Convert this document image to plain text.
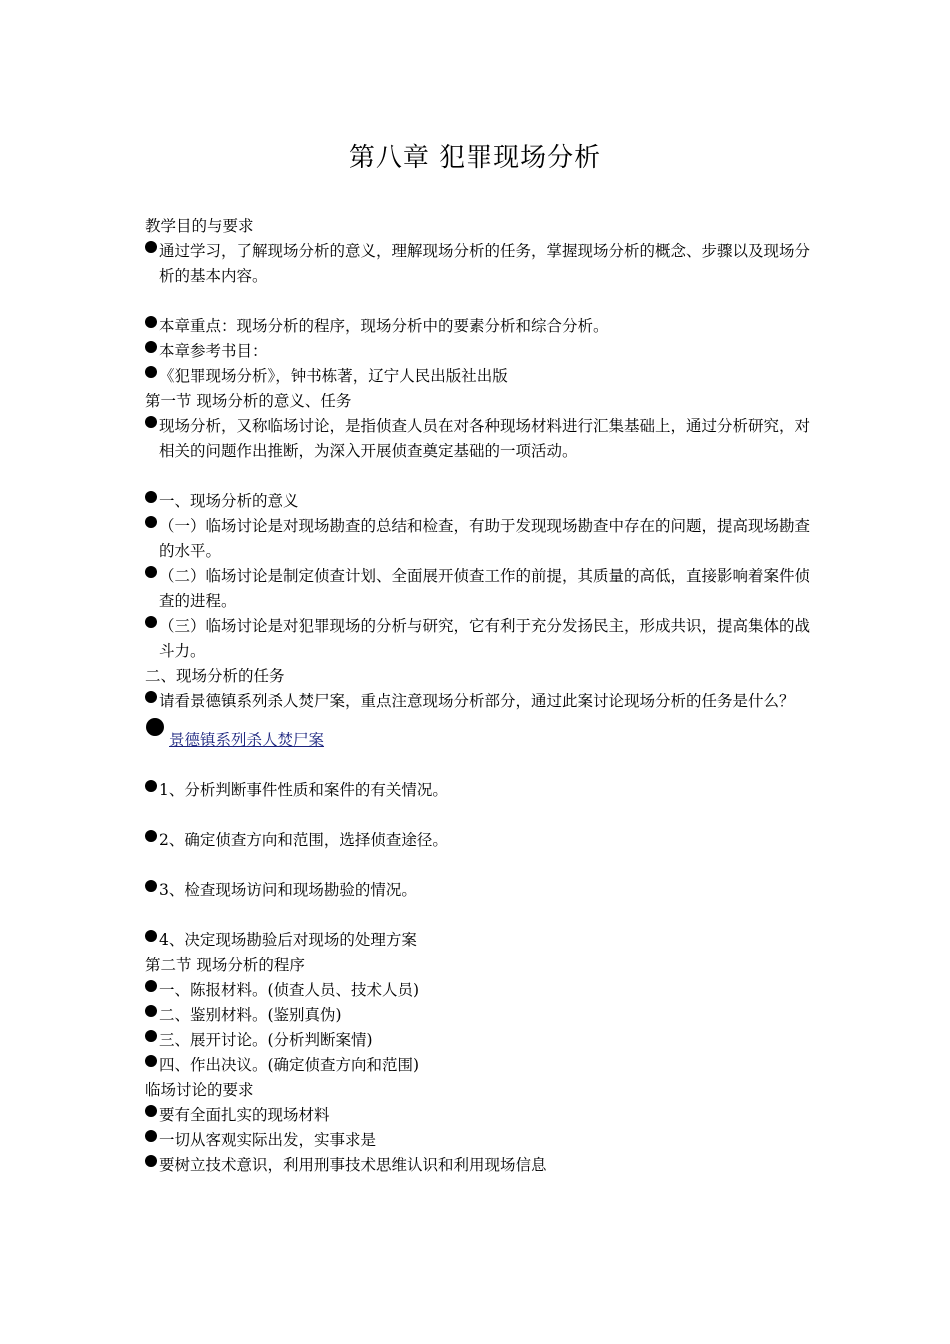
第八章 犯罪现场分析
教学目的与要求
通过学习，了解现场分析的意义，理解现场分析的任务，掌握现场分析的概念、步骤以及现场分析的基本内容。
本章重点：现场分析的程序，现场分析中的要素分析和综合分析。
本章参考书目：
《犯罪现场分析》，钟书栋著，辽宁人民出版社出版
第一节 现场分析的意义、任务
现场分析，又称临场讨论，是指侦查人员在对各种现场材料进行汇集基础上，通过分析研究，对相关的问题作出推断，为深入开展侦查奠定基础的一项活动。
一、现场分析的意义
（一）临场讨论是对现场勘查的总结和检查，有助于发现现场勘查中存在的问题，提高现场勘查的水平。
（二）临场讨论是制定侦查计划、全面展开侦查工作的前提，其质量的高低，直接影响着案件侦查的进程。
（三）临场讨论是对犯罪现场的分析与研究，它有利于充分发扬民主，形成共识，提高集体的战斗力。
二、现场分析的任务
请看景德镇系列杀人焚尸案，重点注意现场分析部分，通过此案讨论现场分析的任务是什么？
景德镇系列杀人焚尸案
1、分析判断事件性质和案件的有关情况。
2、确定侦查方向和范围，选择侦查途径。
3、检查现场访问和现场勘验的情况。
4、决定现场勘验后对现场的处理方案
第二节 现场分析的程序
一、陈报材料。(侦查人员、技术人员)
二、鉴别材料。(鉴别真伪)
三、展开讨论。(分析判断案情)
四、作出决议。(确定侦查方向和范围)
临场讨论的要求
要有全面扎实的现场材料
一切从客观实际出发，实事求是
要树立技术意识，利用刑事技术思维认识和利用现场信息
